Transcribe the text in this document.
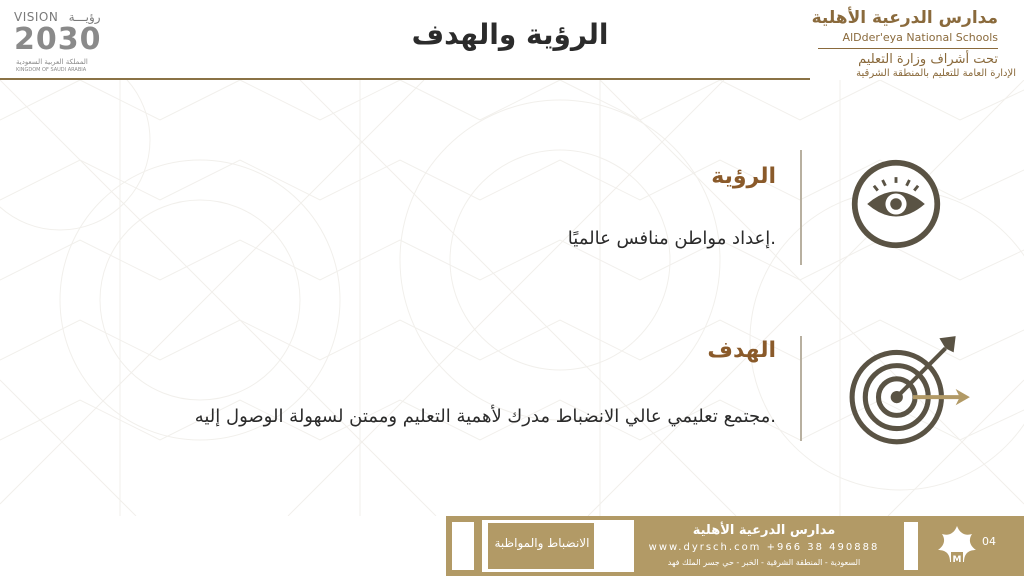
VISION رؤيـــة
2030
المملكة العربية السعودية
KINGDOM OF SAUDI ARABIA
الرؤية والهدف	مدارس الدرعية الأهلية
AlDder'eya National Schools
تحت أشراف وزارة التعليم
الإدارة العامة للتعليم بالمنطقة الشرقية
الرؤية
إعداد مواطن منافس عالميًا.
الهدف
مجتمع تعليمي عالي الانضباط مدرك لأهمية التعليم وممتن لسهولة الوصول إليه.
الانضباط والمواظبة
مدارس الدرعية الأهلية
www.dyrsch.com +966 38 490888
السعودية - المنطقة الشرقية - الخبر - حي جسر الملك فهد	M
04
